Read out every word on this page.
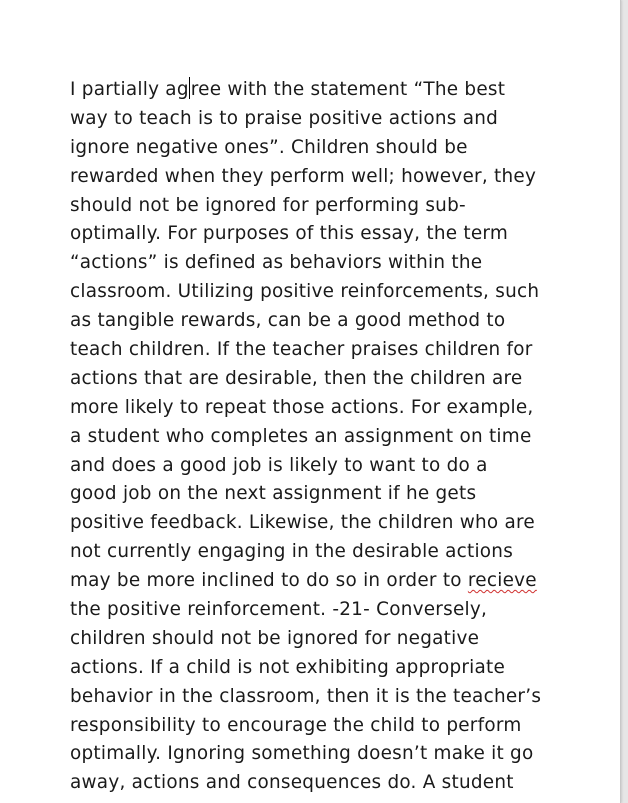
I partially ag ree with the statement “The best
way to teach is to praise positive actions and
ignore negative ones”. Children should be
rewarded when they perform well; however, they
should not be ignored for performing sub-
optimally. For purposes of this essay, the term
“actions” is defined as behaviors within the
classroom. Utilizing positive reinforcements, such
as tangible rewards, can be a good method to
teach children. If the teacher praises children for
actions that are desirable, then the children are
more likely to repeat those actions. For example,
a student who completes an assignment on time
and does a good job is likely to want to do a
good job on the next assignment if he gets
positive feedback. Likewise, the children who are
not currently engaging in the desirable actions
may be more inclined to do so in order to recieve
the positive reinforcement. -21- Conversely,
children should not be ignored for negative
actions. If a child is not exhibiting appropriate
behavior in the classroom, then it is the teacher’s
responsibility to encourage the child to perform
optimally. Ignoring something doesn’t make it go
away, actions and consequences do. A student
